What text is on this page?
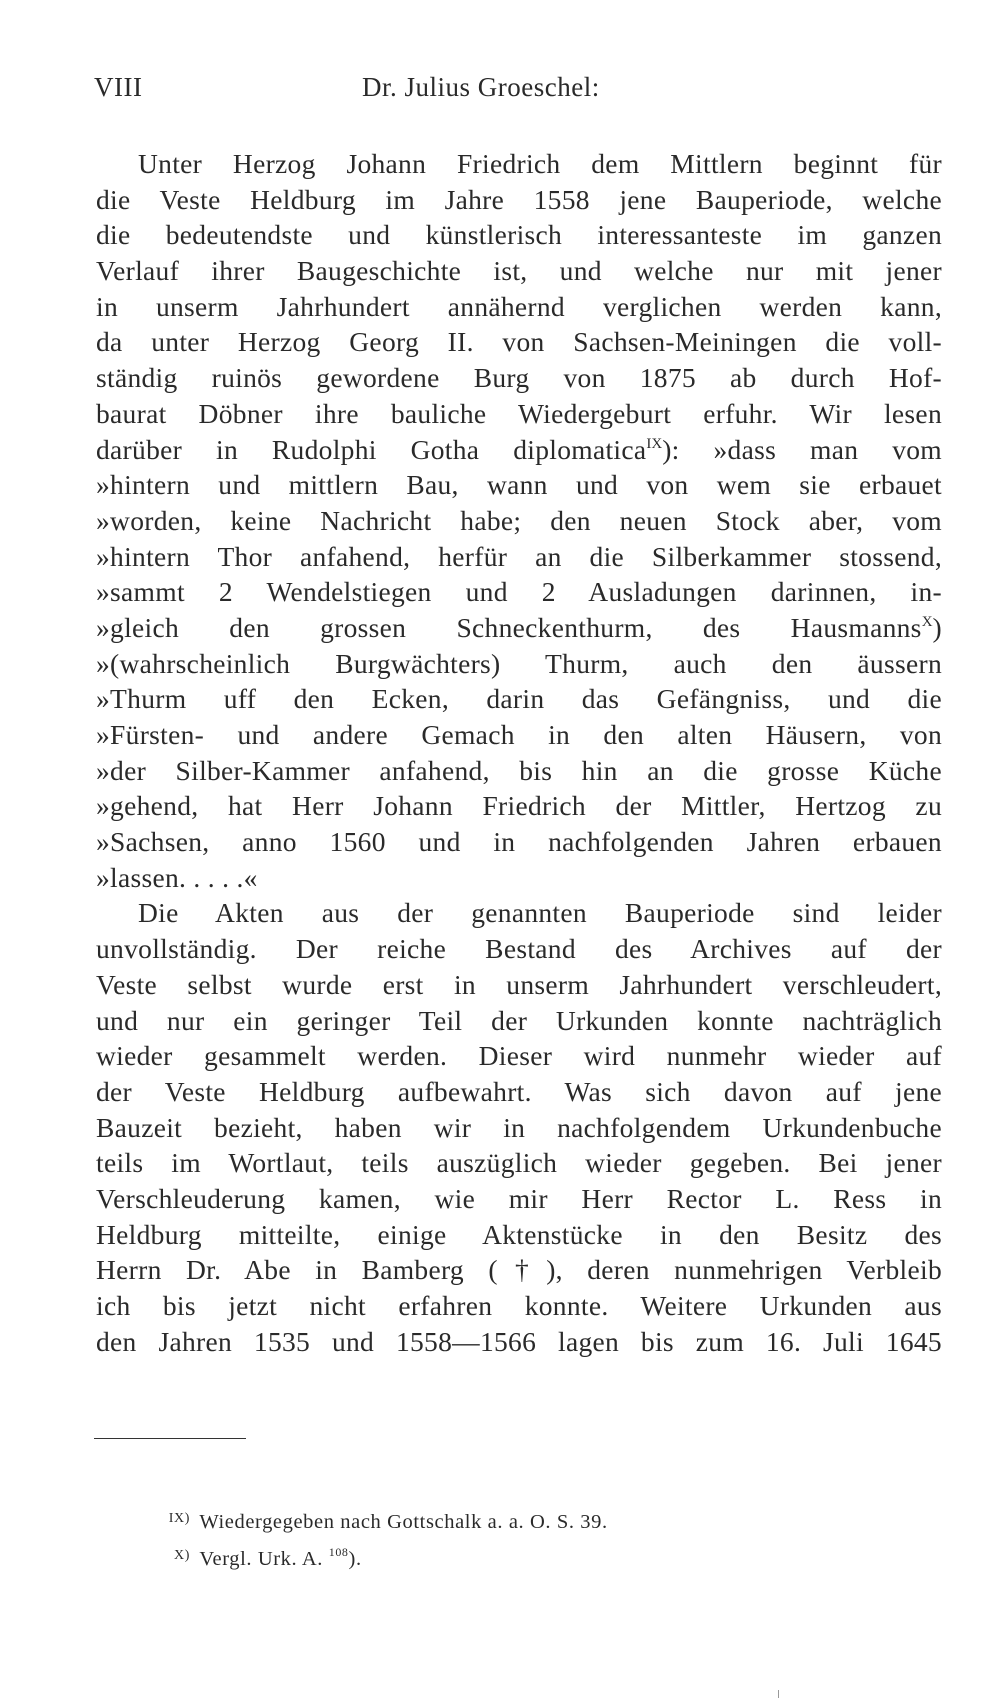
VIII	Dr. Julius Groeschel:
Unter Herzog Johann Friedrich dem Mittlern beginnt für
die Veste Heldburg im Jahre 1558 jene Bauperiode, welche
die bedeutendste und künstlerisch interessanteste im ganzen
Verlauf ihrer Baugeschichte ist, und welche nur mit jener
in unserm Jahrhundert annähernd verglichen werden kann,
da unter Herzog Georg II. von Sachsen-Meiningen die voll-
ständig ruinös gewordene Burg von 1875 ab durch Hof-
baurat Döbner ihre bauliche Wiedergeburt erfuhr. Wir lesen
darüber in Rudolphi Gotha diplomatica$^{IX}$): »dass man vom
»hintern und mittlern Bau, wann und von wem sie erbauet
»worden, keine Nachricht habe; den neuen Stock aber, vom
»hintern Thor anfahend, herfür an die Silberkammer stossend,
»sammt 2 Wendelstiegen und 2 Ausladungen darinnen, in-
»gleich den grossen Schneckenthurm, des Hausmanns$^X$)
»(wahrscheinlich Burgwächters) Thurm, auch den äussern
»Thurm uff den Ecken, darin das Gefängniss, und die
»Fürsten- und andere Gemach in den alten Häusern, von
»der Silber-Kammer anfahend, bis hin an die grosse Küche
»gehend, hat Herr Johann Friedrich der Mittler, Hertzog zu
»Sachsen, anno 1560 und in nachfolgenden Jahren erbauen
»lassen. . . . .«
Die Akten aus der genannten Bauperiode sind leider
unvollständig. Der reiche Bestand des Archives auf der
Veste selbst wurde erst in unserm Jahrhundert verschleudert,
und nur ein geringer Teil der Urkunden konnte nachträglich
wieder gesammelt werden. Dieser wird nunmehr wieder auf
der Veste Heldburg aufbewahrt. Was sich davon auf jene
Bauzeit bezieht, haben wir in nachfolgendem Urkundenbuche
teils im Wortlaut, teils auszüglich wieder gegeben. Bei jener
Verschleuderung kamen, wie mir Herr Rector L. Ress in
Heldburg mitteilte, einige Aktenstücke in den Besitz des
Herrn Dr. Abe in Bamberg (†), deren nunmehrigen Verbleib
ich bis jetzt nicht erfahren konnte. Weitere Urkunden aus
den Jahren 1535 und 1558—1566 lagen bis zum 16. Juli 1645
IX) Wiedergegeben nach Gottschalk a. a. O. S. 39.
X) Vergl. Urk. A. $^{108}$).
